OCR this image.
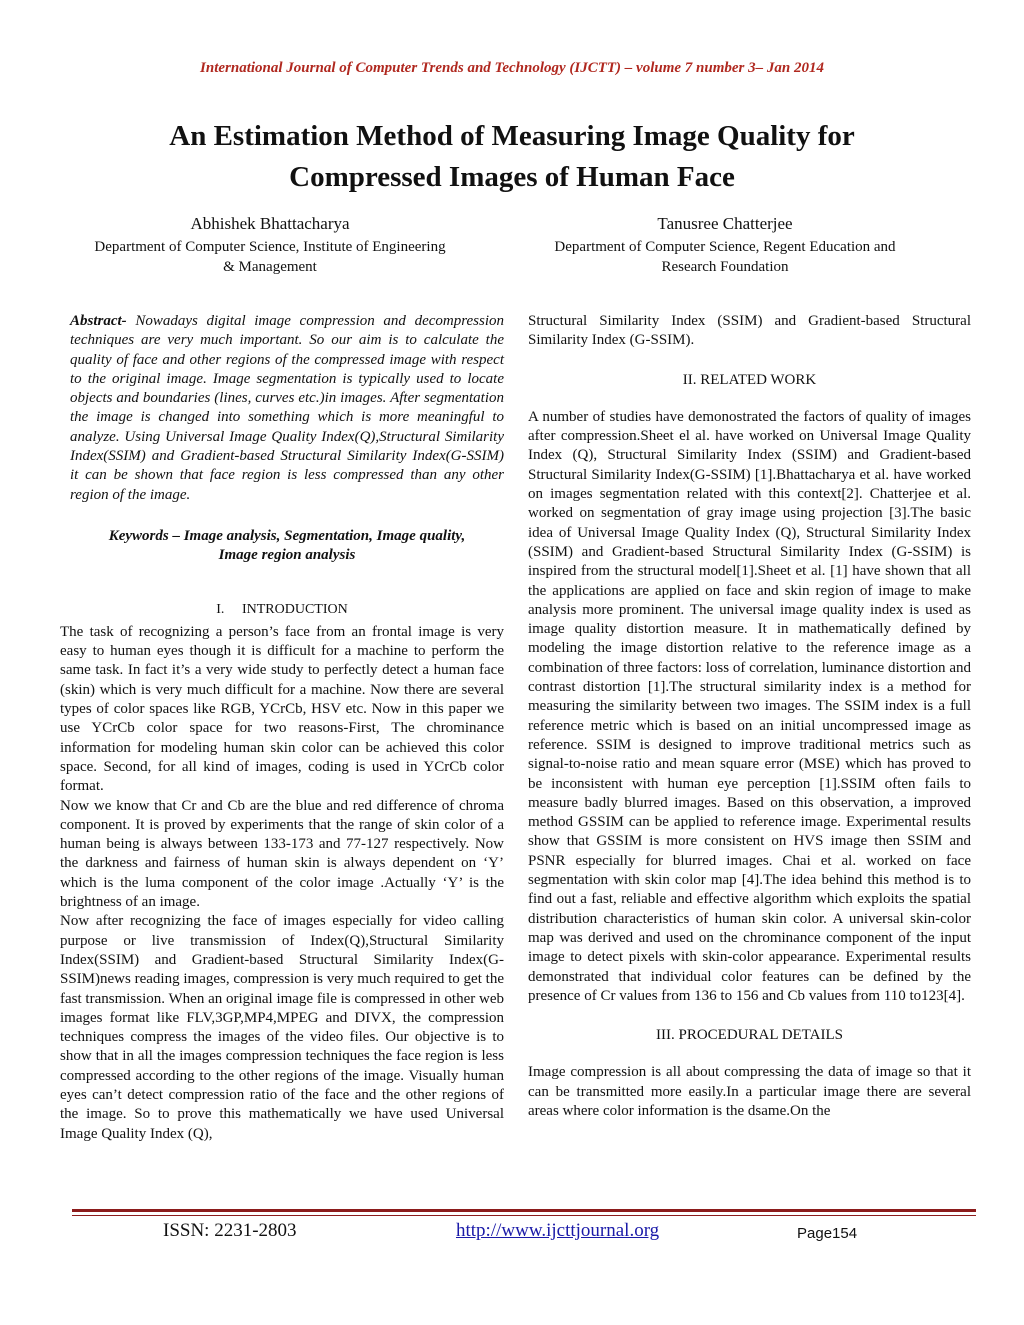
International Journal of Computer Trends and Technology (IJCTT) – volume 7 number 3– Jan 2014
An Estimation Method of Measuring Image Quality for
Compressed Images of Human Face
Abhishek Bhattacharya
Department of Computer Science, Institute of Engineering
& Management
Tanusree Chatterjee
Department of Computer Science, Regent Education and
Research Foundation

Abstract- Nowadays digital image compression and decompression techniques are very much important. So our aim is to calculate the quality of face and other regions of the compressed image with respect to the original image. Image segmentation is typically used to locate objects and boundaries (lines, curves etc.)in images. After segmentation the image is changed into something which is more meaningful to analyze. Using Universal Image Quality Index(Q),Structural Similarity Index(SSIM) and Gradient-based Structural Similarity Index(G-SSIM) it can be shown that face region is less compressed than any other region of the image.

Keywords – Image analysis, Segmentation, Image quality,
Image region analysis
I. INTRODUCTION

The task of recognizing a person’s face from an frontal image is very easy to human eyes though it is difficult for a machine to perform the same task. In fact it’s a very wide study to perfectly detect a human face (skin) which is very much difficult for a machine. Now there are several types of color spaces like RGB, YCrCb, HSV etc. Now in this paper we use YCrCb color space for two reasons-First, The chrominance information for modeling human skin color can be achieved this color space. Second, for all kind of images, coding is used in YCrCb color format.

Now we know that Cr and Cb are the blue and red difference of chroma component. It is proved by experiments that the range of skin color of a human being is always between 133-173 and 77-127 respectively. Now the darkness and fairness of human skin is always dependent on ‘Y’ which is the luma component of the color image .Actually ‘Y’ is the brightness of an image.

Now after recognizing the face of images especially for video calling purpose or live transmission of Index(Q),Structural Similarity Index(SSIM) and Gradient-based Structural Similarity Index(G-SSIM)news reading images, compression is very much required to get the fast transmission. When an original image file is compressed in other web images format like FLV,3GP,MP4,MPEG and DIVX, the compression techniques compress the images of the video files. Our objective is to show that in all the images compression techniques the face region is less compressed according to the other regions of the image. Visually human eyes can’t detect compression ratio of the face and the other regions of the image. So to prove this mathematically we have used Universal Image Quality Index (Q),

Structural Similarity Index (SSIM) and Gradient-based Structural Similarity Index (G-SSIM).

II. RELATED WORK

A number of studies have demonostrated the factors of quality of images after compression.Sheet el al. have worked on Universal Image Quality Index (Q), Structural Similarity Index (SSIM) and Gradient-based Structural Similarity Index(G-SSIM) [1].Bhattacharya et al. have worked on images segmentation related with this context[2]. Chatterjee et al. worked on segmentation of gray image using projection [3].The basic idea of Universal Image Quality Index (Q), Structural Similarity Index (SSIM) and Gradient-based Structural Similarity Index (G-SSIM) is inspired from the structural model[1].Sheet et al. [1] have shown that all the applications are applied on face and skin region of image to make analysis more prominent. The universal image quality index is used as image quality distortion measure. It in mathematically defined by modeling the image distortion relative to the reference image as a combination of three factors: loss of correlation, luminance distortion and contrast distortion [1].The structural similarity index is a method for measuring the similarity between two images. The SSIM index is a full reference metric which is based on an initial uncompressed image as reference. SSIM is designed to improve traditional metrics such as signal-to-noise ratio and mean square error (MSE) which has proved to be inconsistent with human eye perception [1].SSIM often fails to measure badly blurred images. Based on this observation, a improved method GSSIM can be applied to reference image. Experimental results show that GSSIM is more consistent on HVS image then SSIM and PSNR especially for blurred images. Chai et al. worked on face segmentation with skin color map [4].The idea behind this method is to find out a fast, reliable and effective algorithm which exploits the spatial distribution characteristics of human skin color. A universal skin-color map was derived and used on the chrominance component of the input image to detect pixels with skin-color appearance. Experimental results demonstrated that individual color features can be defined by the presence of Cr values from 136 to 156 and Cb values from 110 to123[4].

III. PROCEDURAL DETAILS

Image compression is all about compressing the data of image so that it can be transmitted more easily.In a particular image there are several areas where color information is the dsame.On the

ISSN: 2231-2803	http://www.ijcttjournal.org	Page154
